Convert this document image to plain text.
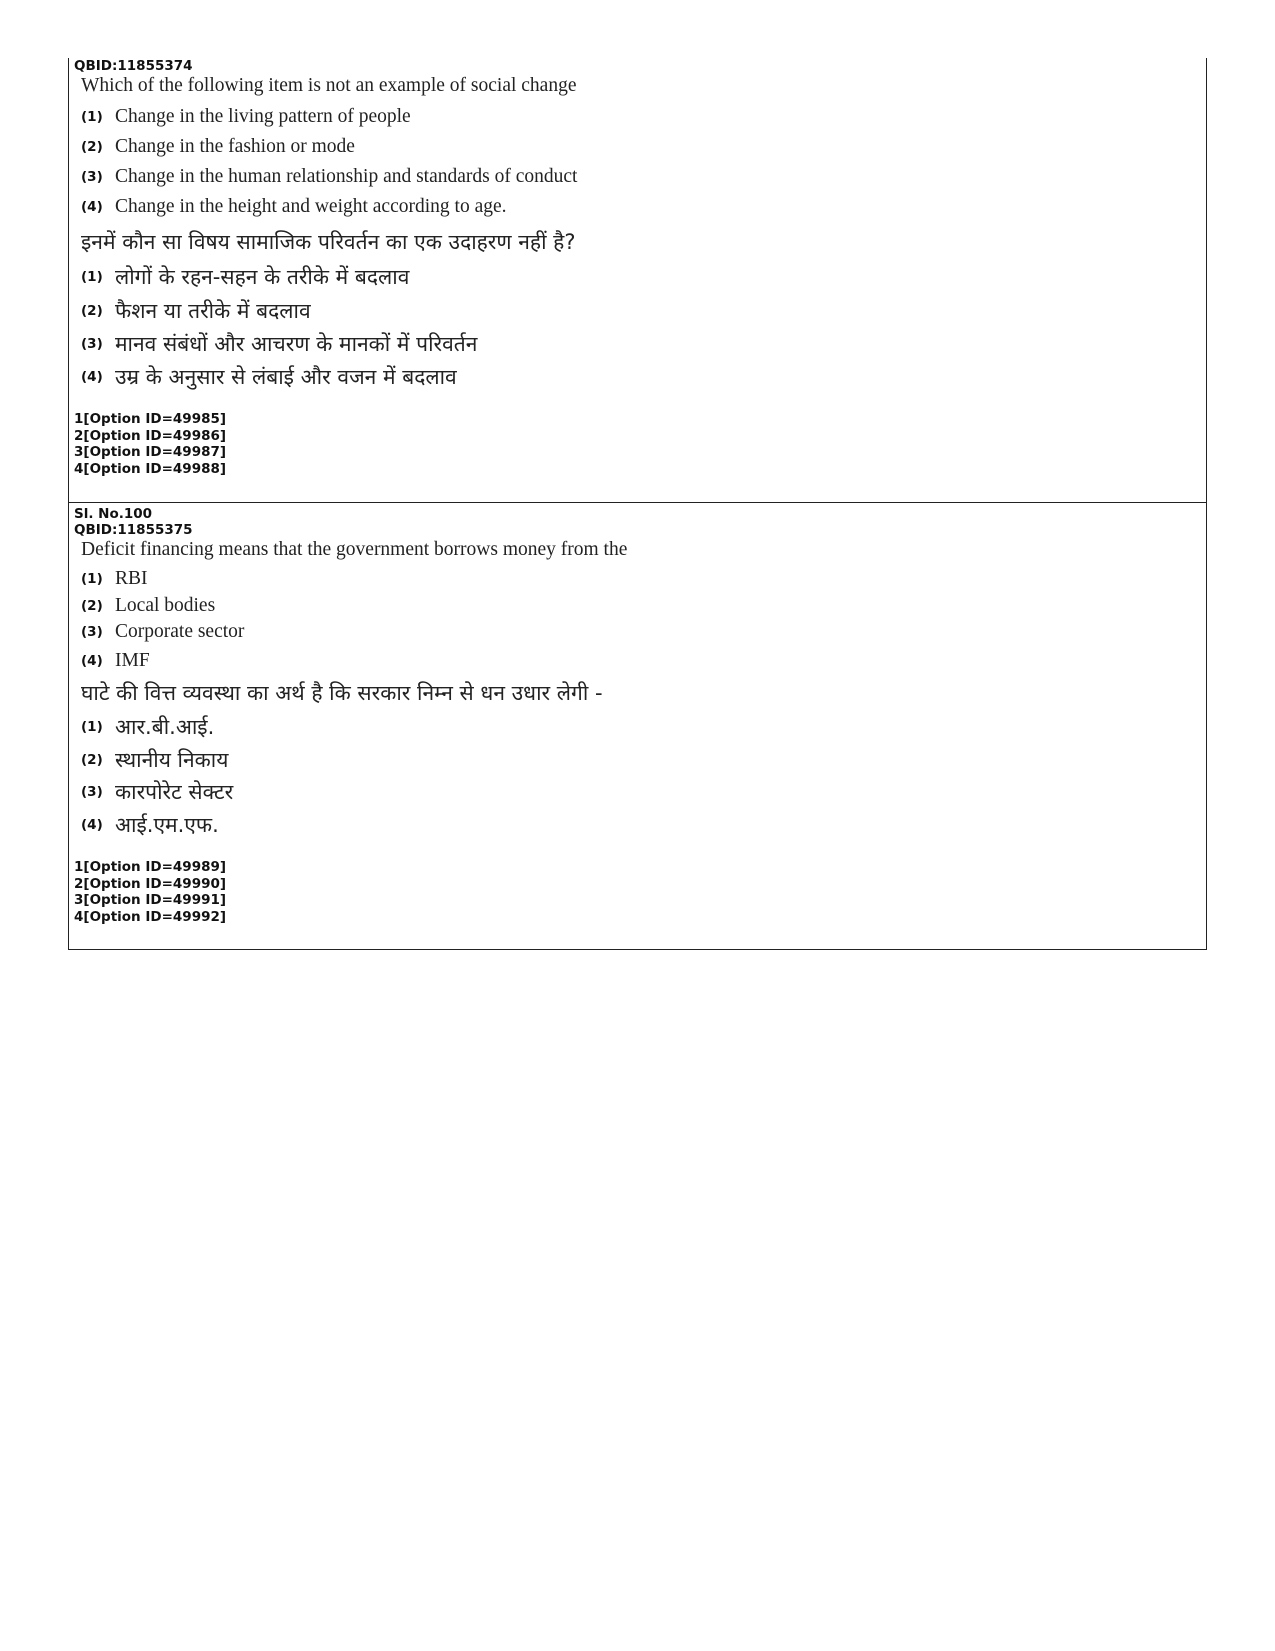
QBID:11855374
Which of the following item is not an example of social change
(1) Change in the living pattern of people
(2) Change in the fashion or mode
(3) Change in the human relationship and standards of conduct
(4) Change in the height and weight according to age.
इनमें कौन सा विषय सामाजिक परिवर्तन का एक उदाहरण नहीं है?
(1) लोगों के रहन-सहन के तरीके में बदलाव
(2) फैशन या तरीके में बदलाव
(3) मानव संबंधों और आचरण के मानकों में परिवर्तन
(4) उम्र के अनुसार से लंबाई और वजन में बदलाव
1[Option ID=49985]
2[Option ID=49986]
3[Option ID=49987]
4[Option ID=49988]
Sl. No.100
QBID:11855375
Deficit financing means that the government borrows money from the
(1) RBI
(2) Local bodies
(3) Corporate sector
(4) IMF
घाटे की वित्त व्यवस्था का अर्थ है कि सरकार निम्न से धन उधार लेगी -
(1) आर.बी.आई.
(2) स्थानीय निकाय
(3) कारपोरेट सेक्टर
(4) आई.एम.एफ.
1[Option ID=49989]
2[Option ID=49990]
3[Option ID=49991]
4[Option ID=49992]
